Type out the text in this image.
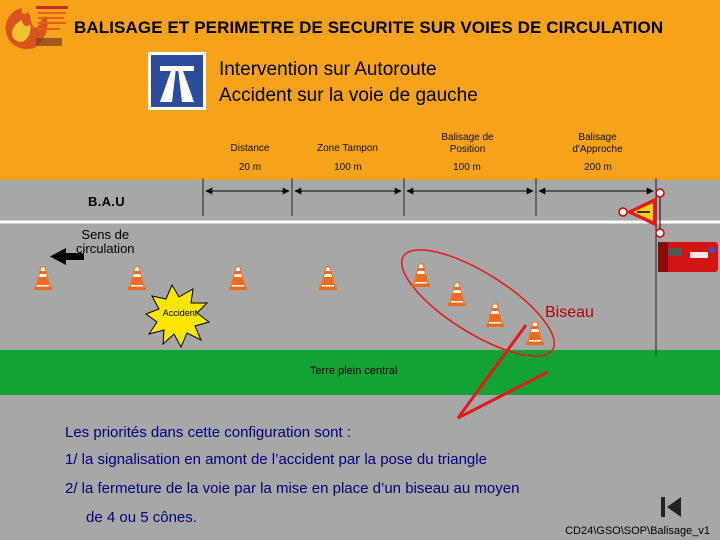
BALISAGE ET PERIMETRE DE SECURITE SUR VOIES DE CIRCULATION
Intervention sur Autoroute
Accident sur la voie de gauche
Distance	Zone Tampon
Balisage de
Position
Balisage
d'Approche
20 m	100 m	100 m	200 m
B.A.U
Sens de
circulation
Accident	Biseau
Terre plein central
Les priorités dans cette configuration sont :
1/ la signalisation en amont de l’accident par la pose du triangle
2/ la fermeture de la voie par la mise en place d’un biseau au moyen
de 4 ou 5 cônes.
CD24\GSO\SOP\Balisage_v1
